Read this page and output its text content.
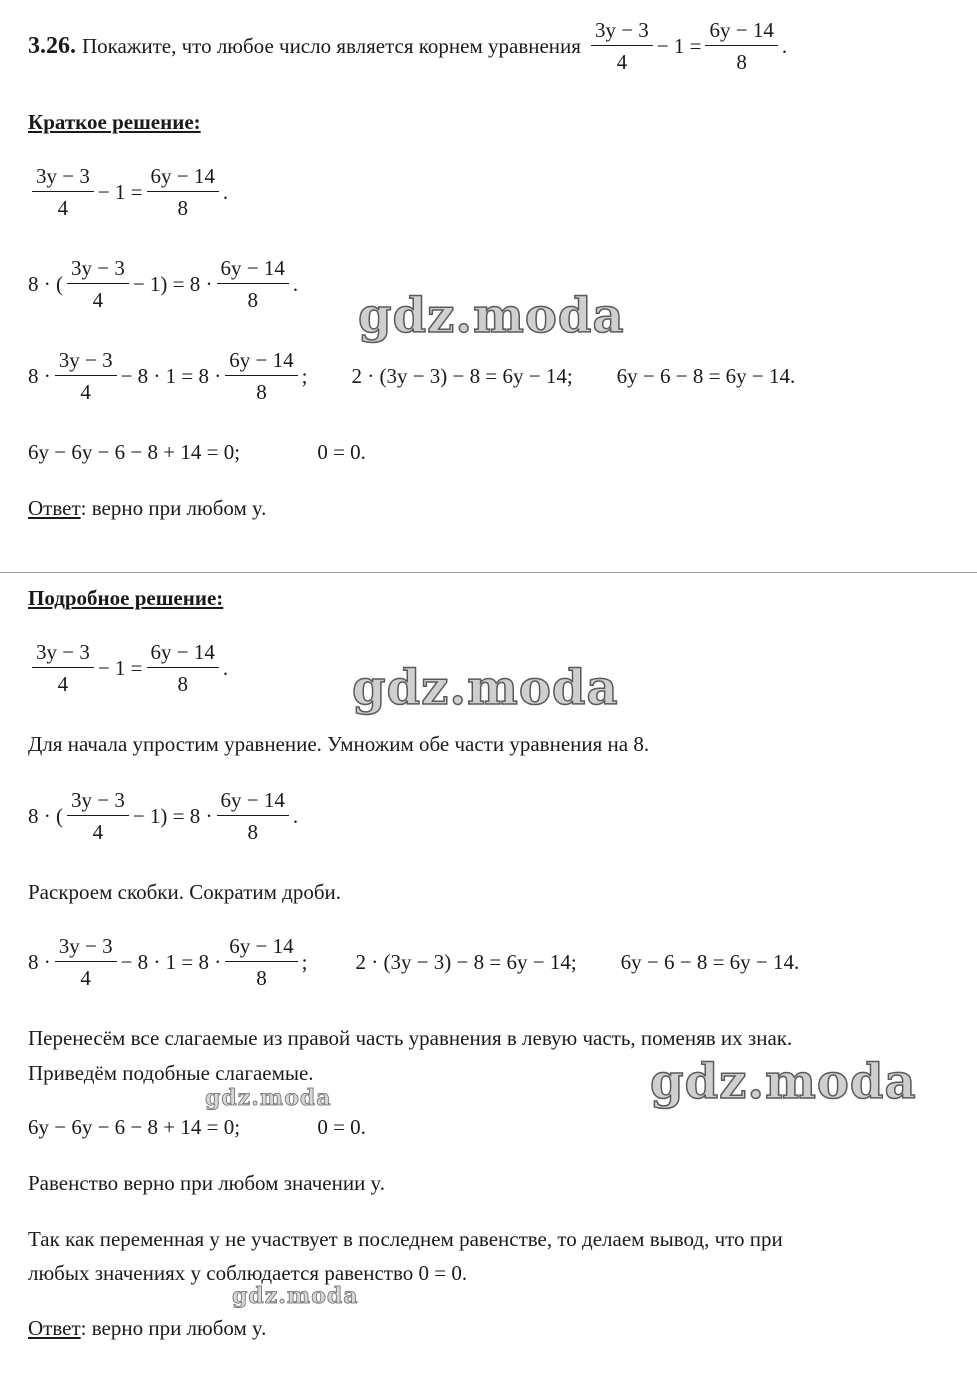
3.26. Покажите, что любое число является корнем уравнения $\frac{3y - 3}{4} - 1 = \frac{6y - 14}{8}$ .
Краткое решение:
$\frac{3y - 3}{4} - 1 = \frac{6y - 14}{8}$ .
8 · ( $\frac{3y - 3}{4} - 1) = 8 \cdot \frac{6y - 14}{8}$ .
$8 \cdot \frac{3y - 3}{4} - 8 \cdot 1 = 8 \cdot \frac{6y - 14}{8}$ ; 2 · (3y − 3) − 8 = 6y − 14; 6y − 6 − 8 = 6y − 14.
6y − 6y − 6 − 8 + 14 = 0;	0 = 0.
Ответ: верно при любом y.
Подробное решение:
$\frac{3y - 3}{4} - 1 = \frac{6y - 14}{8}$ .
Для начала упростим уравнение. Умножим обе части уравнения на 8.
8 · ( $\frac{3y - 3}{4} - 1) = 8 \cdot \frac{6y - 14}{8}$ .
Раскроем скобки. Сократим дроби.
$8 \cdot \frac{3y - 3}{4} - 8 \cdot 1 = 8 \cdot \frac{6y - 14}{8}$ ; 2 · (3y − 3) − 8 = 6y − 14; 6y − 6 − 8 = 6y − 14.
Перенесём все слагаемые из правой часть уравнения в левую часть, поменяв их знак.
Приведём подобные слагаемые.
6y − 6y − 6 − 8 + 14 = 0;	0 = 0.
Равенство верно при любом значении y.
Так как переменная y не участвует в последнем равенстве, то делаем вывод, что при
любых значениях y соблюдается равенство 0 = 0.
Ответ: верно при любом y.
gdz.moda
gdz.moda
gdz.moda
gdz.moda
gdz.moda
